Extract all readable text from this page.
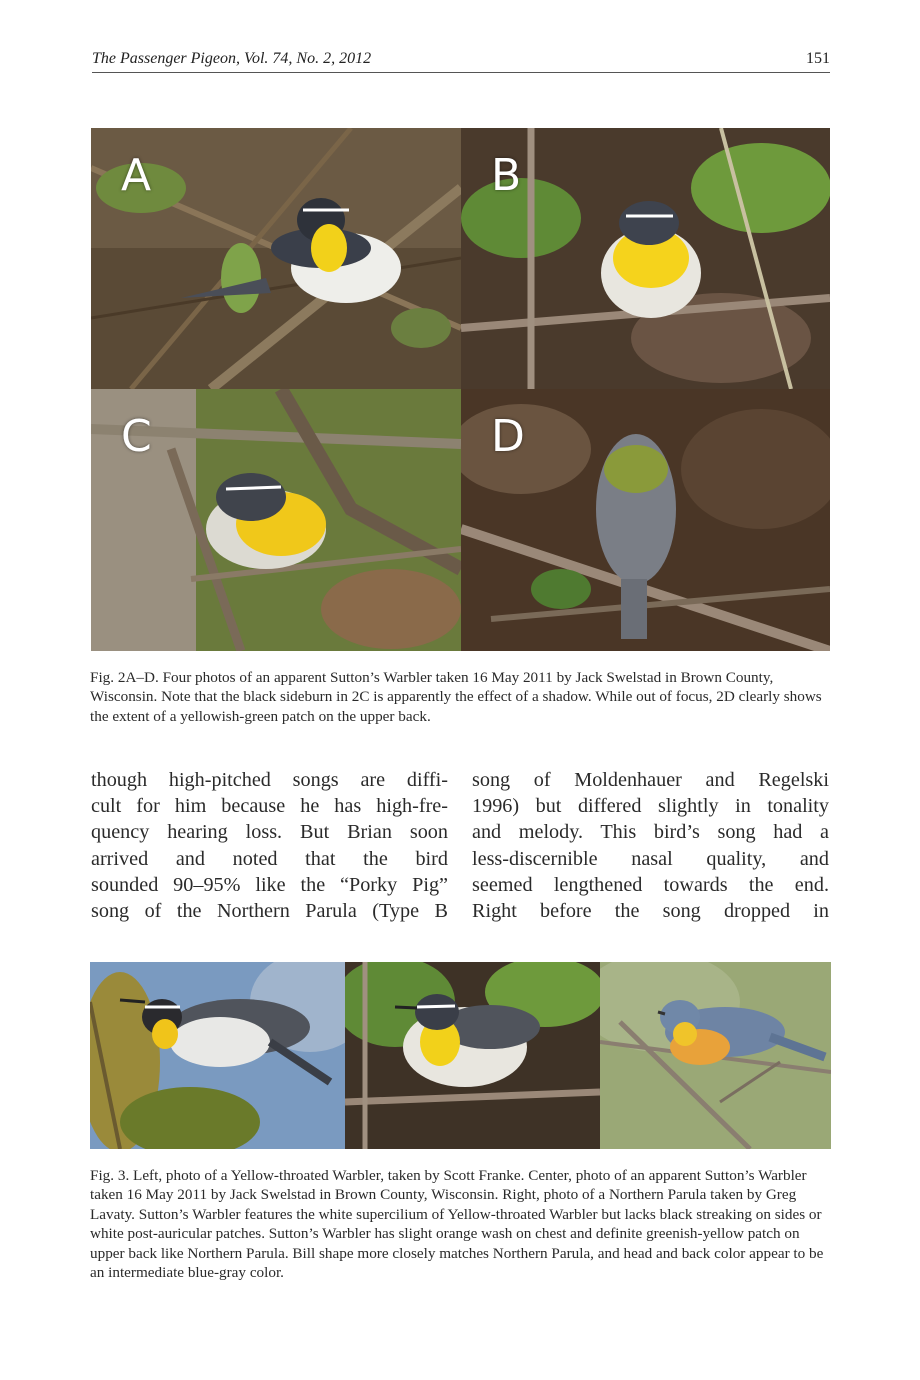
The Passenger Pigeon, Vol. 74, No. 2, 2012	151
A	B
C	D
Fig. 2A–D. Four photos of an apparent Sutton’s Warbler taken 16 May 2011 by Jack Swelstad in Brown County, Wisconsin. Note that the black sideburn in 2C is apparently the effect of a shadow. While out of focus, 2D clearly shows the extent of a yellowish-green patch on the upper back.
though high-pitched songs are diffi-
cult for him because he has high-fre-
quency hearing loss. But Brian soon
arrived and noted that the bird
sounded 90–95% like the “Porky Pig”
song of the Northern Parula (Type B
song of Moldenhauer and Regelski
1996) but differed slightly in tonality
and melody. This bird’s song had a
less-discernible nasal quality, and
seemed lengthened towards the end.
Right before the song dropped in
Fig. 3. Left, photo of a Yellow-throated Warbler, taken by Scott Franke. Center, photo of an apparent Sutton’s Warbler taken 16 May 2011 by Jack Swelstad in Brown County, Wisconsin. Right, photo of a Northern Parula taken by Greg Lavaty. Sutton’s Warbler features the white supercilium of Yellow-throated Warbler but lacks black streaking on sides or white post-auricular patches. Sutton’s Warbler has slight orange wash on chest and definite greenish-yellow patch on upper back like Northern Parula. Bill shape more closely matches Northern Parula, and head and back color appear to be an intermediate blue-gray color.
